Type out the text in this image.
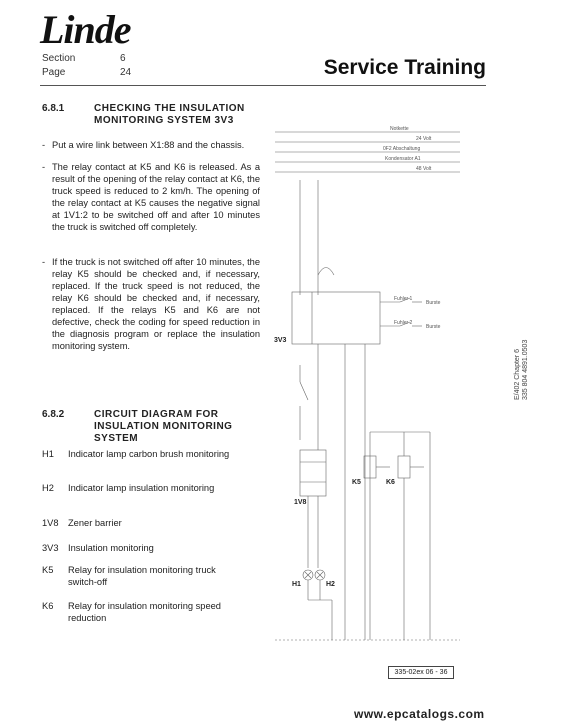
Linde
Section	6
Page	24	Service Training
6.8.1	CHECKING THE INSULATION
MONITORING SYSTEM 3V3
- Put a wire link between X1:88 and the chassis.
- The relay contact at K5 and K6 is released. As a result of the opening of the relay contact at K6, the truck speed is reduced to 2 km/h. The opening of the relay contact at K5 causes the negative signal at 1V1:2 to be switched off and after 10 minutes the truck is switched off completely.
- If the truck is not switched off after 10 minutes, the relay K5 should be checked and, if necessary, replaced. If the truck speed is not reduced, the relay K6 should be checked and, if necessary, replaced. If the relays K5 and K6 are not defective, check the coding for speed reduction in the diagnosis program or replace the insulation monitoring system.
6.8.2	CIRCUIT DIAGRAM FOR
INSULATION MONITORING
SYSTEM
H1	Indicator lamp carbon brush monitoring
H2	Indicator lamp insulation monitoring
1V8	Zener barrier
3V3	Insulation monitoring
K5	Relay for insulation monitoring truck switch-off
K6	Relay for insulation monitoring speed reduction
Notkette
24 Volt
0F2 Abschaltung
Kondensator A1
48 Volt
Fuhler 1
Fuhler 2
Burste
Burste
3V3
1V8
K5	K6
H1	H2
E/402 Chapter 6 335 804 4891.0503
335-02ex 06 - 36
www.epcatalogs.com
